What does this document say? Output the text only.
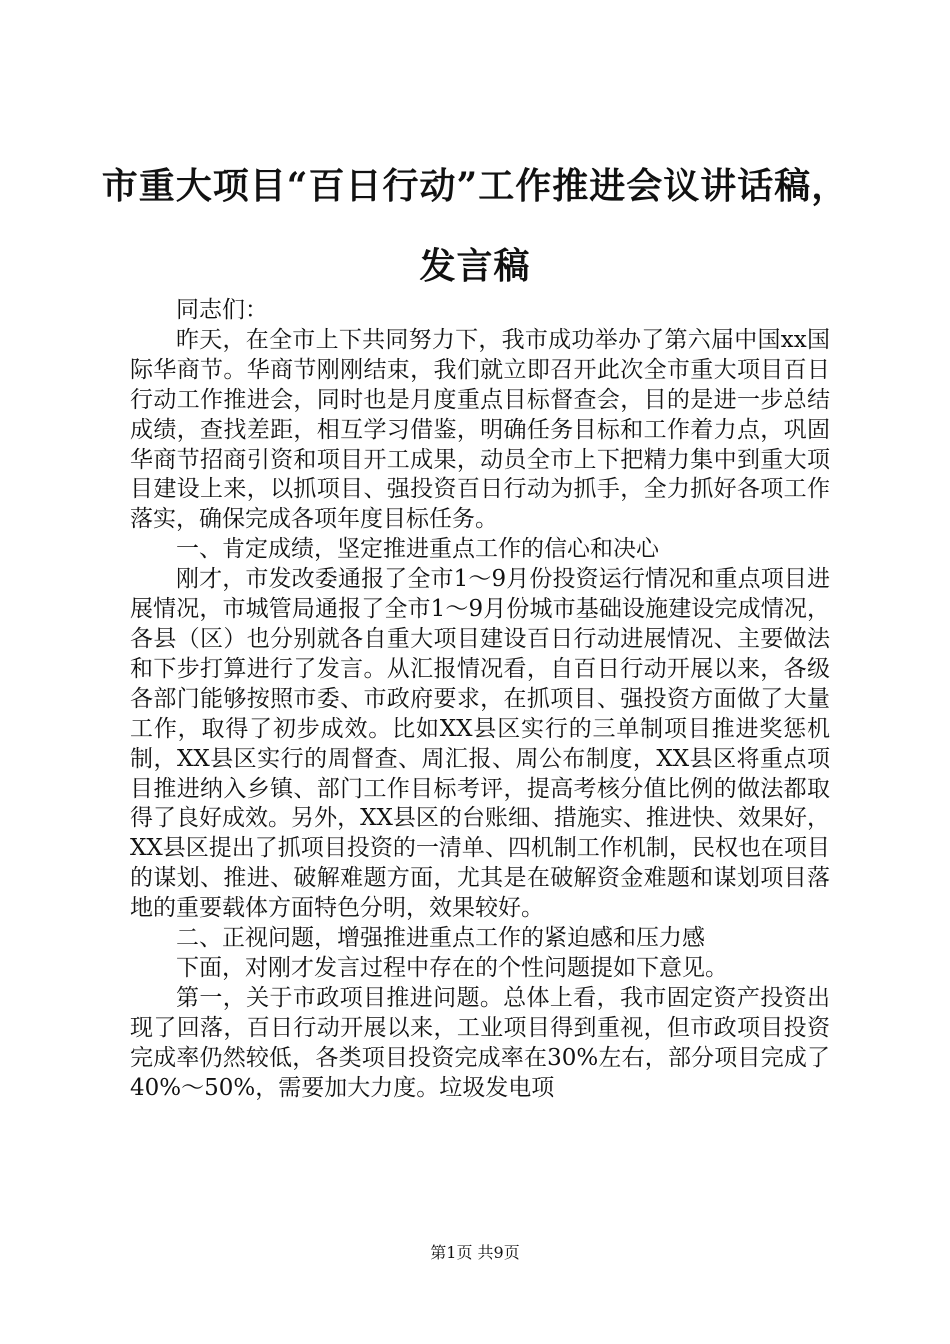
市重大项目“百日行动”工作推进会议讲话稿，
发言稿

同志们：

昨天，在全市上下共同努力下，我市成功举办了第六届中国xx国际华商节。华商节刚刚结束，我们就立即召开此次全市重大项目百日行动工作推进会，同时也是月度重点目标督查会，目的是进一步总结成绩，查找差距，相互学习借鉴，明确任务目标和工作着力点，巩固华商节招商引资和项目开工成果，动员全市上下把精力集中到重大项目建设上来，以抓项目、强投资百日行动为抓手，全力抓好各项工作落实，确保完成各项年度目标任务。

一、肯定成绩，坚定推进重点工作的信心和决心

刚才，市发改委通报了全市1～9月份投资运行情况和重点项目进展情况，市城管局通报了全市1～9月份城市基础设施建设完成情况，各县（区）也分别就各自重大项目建设百日行动进展情况、主要做法和下步打算进行了发言。从汇报情况看，自百日行动开展以来，各级各部门能够按照市委、市政府要求，在抓项目、强投资方面做了大量工作，取得了初步成效。比如XX县区实行的三单制项目推进奖惩机制，XX县区实行的周督查、周汇报、周公布制度，XX县区将重点项目推进纳入乡镇、部门工作目标考评，提高考核分值比例的做法都取得了良好成效。另外，XX县区的台账细、措施实、推进快、效果好，XX县区提出了抓项目投资的一清单、四机制工作机制，民权也在项目的谋划、推进、破解难题方面，尤其是在破解资金难题和谋划项目落地的重要载体方面特色分明，效果较好。

二、正视问题，增强推进重点工作的紧迫感和压力感

下面，对刚才发言过程中存在的个性问题提如下意见。

第一，关于市政项目推进问题。总体上看，我市固定资产投资出现了回落，百日行动开展以来，工业项目得到重视，但市政项目投资完成率仍然较低，各类项目投资完成率在30%左右，部分项目完成了40%～50%，需要加大力度。垃圾发电项

第1页 共9页
